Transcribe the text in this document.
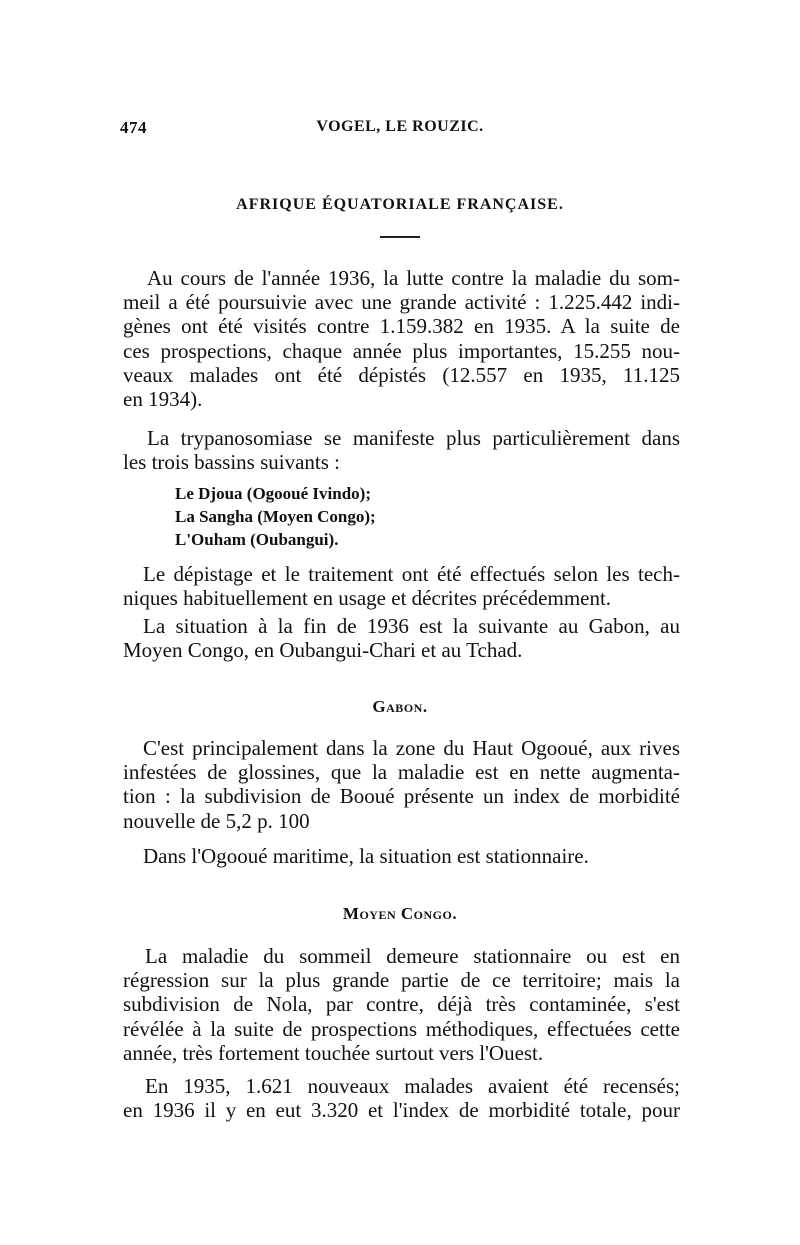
474	VOGEL, LE ROUZIC.
AFRIQUE ÉQUATORIALE FRANÇAISE.
Au cours de l'année 1936, la lutte contre la maladie du som-
meil a été poursuivie avec une grande activité : 1.225.442 indi-
gènes ont été visités contre 1.159.382 en 1935. A la suite de
ces prospections, chaque année plus importantes, 15.255 nou-
veaux malades ont été dépistés (12.557 en 1935, 11.125
en 1934).
La trypanosomiase se manifeste plus particulièrement dans
les trois bassins suivants :
Le Djoua (Ogooué Ivindo);
La Sangha (Moyen Congo);
L'Ouham (Oubangui).
Le dépistage et le traitement ont été effectués selon les tech-
niques habituellement en usage et décrites précédemment.
La situation à la fin de 1936 est la suivante au Gabon, au
Moyen Congo, en Oubangui-Chari et au Tchad.
Gabon.
C'est principalement dans la zone du Haut Ogooué, aux rives
infestées de glossines, que la maladie est en nette augmenta-
tion : la subdivision de Booué présente un index de morbidité
nouvelle de 5,2 p. 100
Dans l'Ogooué maritime, la situation est stationnaire.
Moyen Congo.
La maladie du sommeil demeure stationnaire ou est en
régression sur la plus grande partie de ce territoire; mais la
subdivision de Nola, par contre, déjà très contaminée, s'est
révélée à la suite de prospections méthodiques, effectuées cette
année, très fortement touchée surtout vers l'Ouest.
En 1935, 1.621 nouveaux malades avaient été recensés;
en 1936 il y en eut 3.320 et l'index de morbidité totale, pour
